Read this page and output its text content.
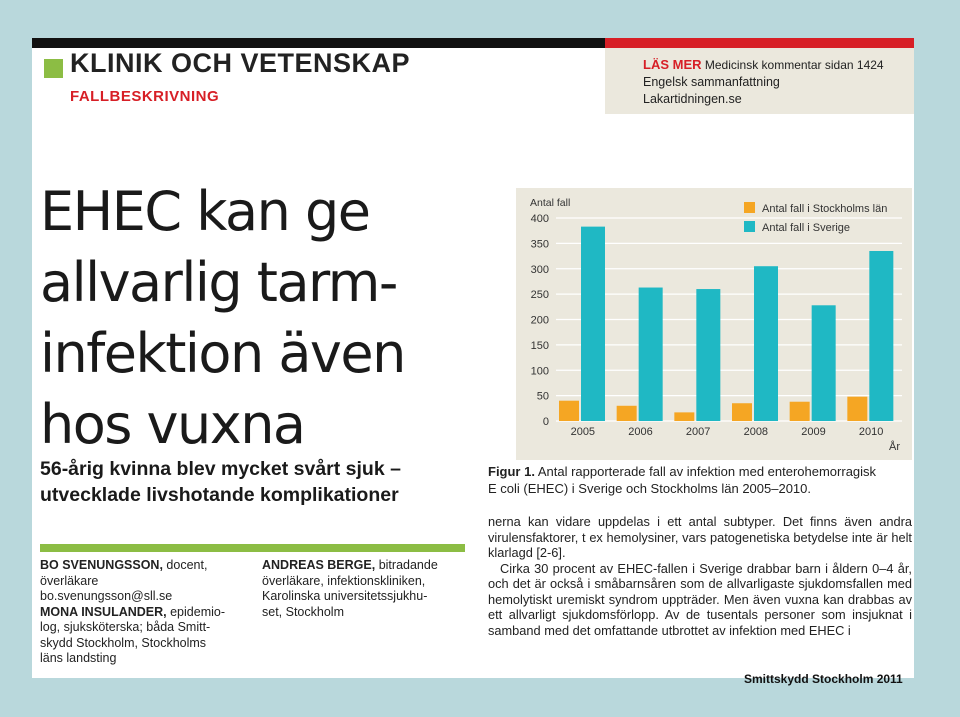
KLINIK OCH VETENSKAP
FALLBESKRIVNING
LÄS MER Medicinsk kommentar sidan 1424
Engelsk sammanfattning
Lakartidningen.se
EHEC kan ge
allvarlig tarm-
infektion även
hos vuxna
56-årig kvinna blev mycket svårt sjuk –
utvecklade livshotande komplikationer
BO SVENUNGSSON, docent,
överläkare
bo.svenungsson@sll.se
MONA INSULANDER, epidemio-
log, sjuksköterska; båda Smitt-
skydd Stockholm, Stockholms
läns landsting
ANDREAS BERGE, bitradande
överläkare, infektionskliniken,
Karolinska universitetssjukhu-
set, Stockholm
0
50
100
150
200
250
300
350
400
Antal fall
2005	2006	2007	2008	2009	2010
År
Antal fall i Stockholms län
Antal fall i Sverige
Figur 1. Antal rapporterade fall av infektion med enterohemorragisk
E coli (EHEC) i Sverige och Stockholms län 2005–2010.

nerna kan vidare uppdelas i ett antal subtyper. Det finns även andra virulensfaktorer, t ex hemolysiner, vars patogenetiska betydelse inte är helt klarlagd [2-6].

Cirka 30 procent av EHEC-fallen i Sverige drabbar barn i åldern 0–4 år, och det är också i småbarnsåren som de allvarligaste sjukdomsfallen med hemolytiskt uremiskt syndrom uppträder. Men även vuxna kan drabbas av ett allvarligt sjukdomsförlopp. Av de tusentals personer som insjuknat i samband med det omfattande utbrottet av infektion med EHEC i

Smittskydd Stockholm 2011
